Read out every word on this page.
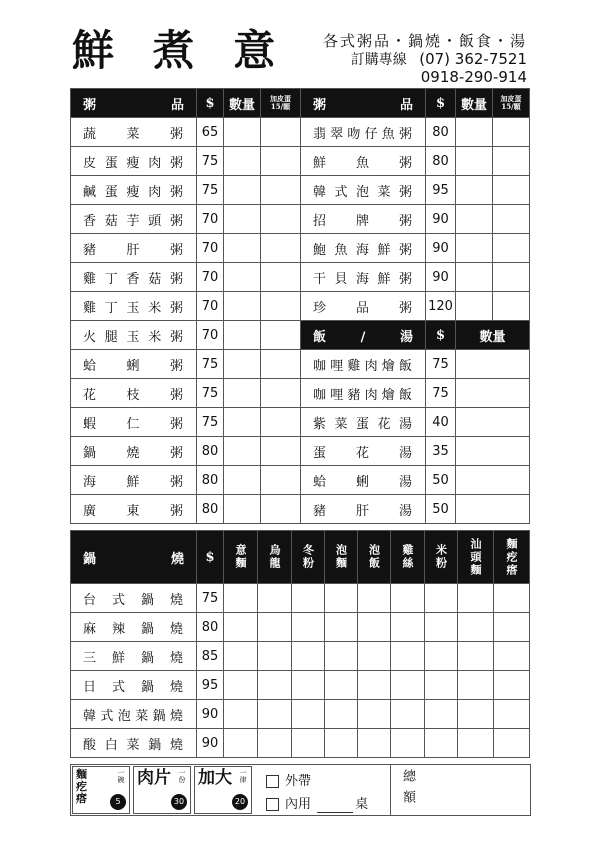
鮮 煮 意 各式粥品・鍋燒・飯食・湯
訂購專線 (07) 362-7521
0918-290-914
粥　　　品	$	數量	加皮蛋
15/顆

蔬菜粥	65		
皮蛋瘦肉粥	75		
鹹蛋瘦肉粥	75		
香菇芋頭粥	70		
豬肝粥	70		
雞丁香菇粥	70		
雞丁玉米粥	70		
火腿玉米粥	70		
蛤蜊粥	75		
花枝粥	75		
蝦仁粥	75		
鍋燒粥	80		
海鮮粥	80		
廣東粥	80		
粥　　　品	$	數量	加皮蛋
15/顆

翡翠吻仔魚粥	80		
鮮魚粥	80		
韓式泡菜粥	95		
招牌粥	90		
鮑魚海鮮粥	90		
干貝海鮮粥	90		
珍品粥	120		
飯　/　湯	$	數量	
咖哩雞肉燴飯	75		
咖哩豬肉燴飯	75		
紫菜蛋花湯	40		
蛋花湯	35		
蛤蜊湯	50		
豬肝湯	50		
鍋　　燒	$	意麵	烏龍	冬粉	泡麵	泡飯	雞絲	米粉	汕頭麵	麵疙瘩

台式鍋燒	75									
麻辣鍋燒	80									
三鮮鍋燒	85									
日式鍋燒	95									
韓式泡菜鍋燒	90									
酸白菜鍋燒	90									
麵疙瘩
一碗
5
肉片 一份
30
加大 一律
20
外帶
內用	桌 總額
